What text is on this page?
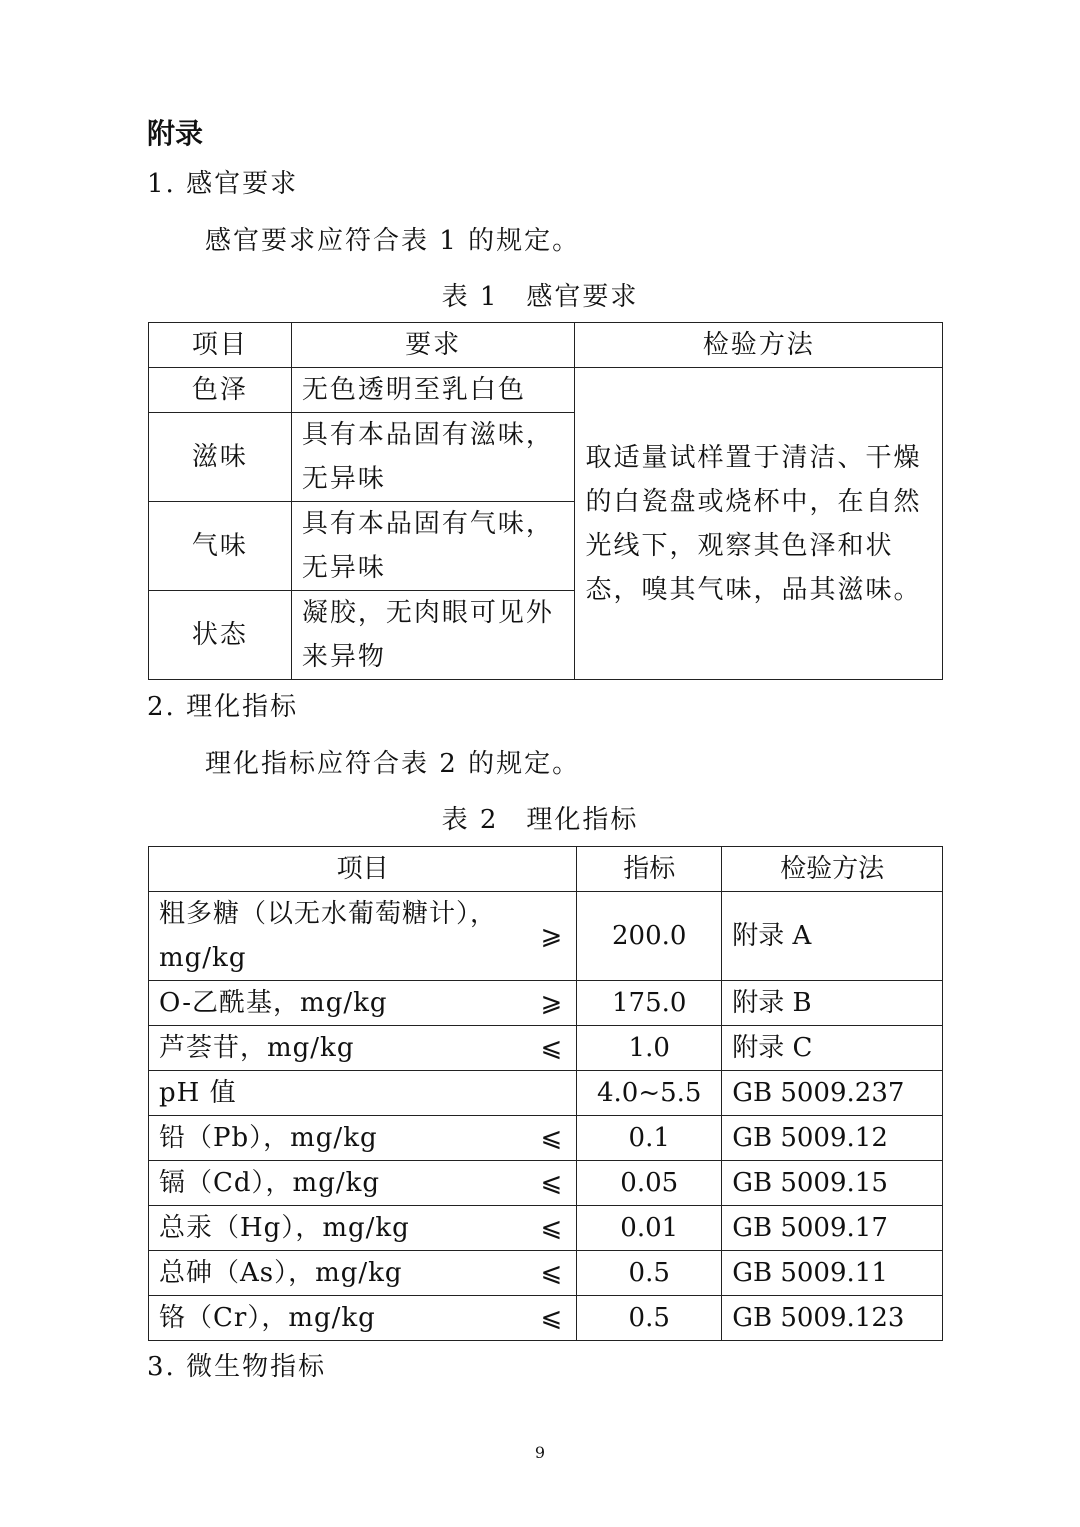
附录
1. 感官要求
感官要求应符合表 1 的规定。
表 1　感官要求
项目	要求	检验方法
色泽	无色透明至乳白色	取适量试样置于清洁、干燥
的白瓷盘或烧杯中，在自然
光线下，观察其色泽和状
态，嗅其气味，品其滋味。

滋味	具有本品固有滋味，
无异味	

气味	具有本品固有气味，
无异味	

状态	凝胶，无肉眼可见外
来异物	
2. 理化指标
理化指标应符合表 2 的规定。
表 2　理化指标
项目	指标	检验方法

粗多糖（以无水葡萄糖计），
mg/kg
⩾	200.0	附录 A

O-乙酰基，mg/kg ⩾	175.0	附录 B

芦荟苷，mg/kg ⩽	1.0	附录 C

pH 值	4.0~5.5	GB 5009.237

铅（Pb），mg/kg ⩽	0.1	GB 5009.12

镉（Cd），mg/kg ⩽	0.05	GB 5009.15

总汞（Hg），mg/kg ⩽	0.01	GB 5009.17

总砷（As），mg/kg ⩽	0.5	GB 5009.11

铬（Cr），mg/kg ⩽	0.5	GB 5009.123
3. 微生物指标
9
